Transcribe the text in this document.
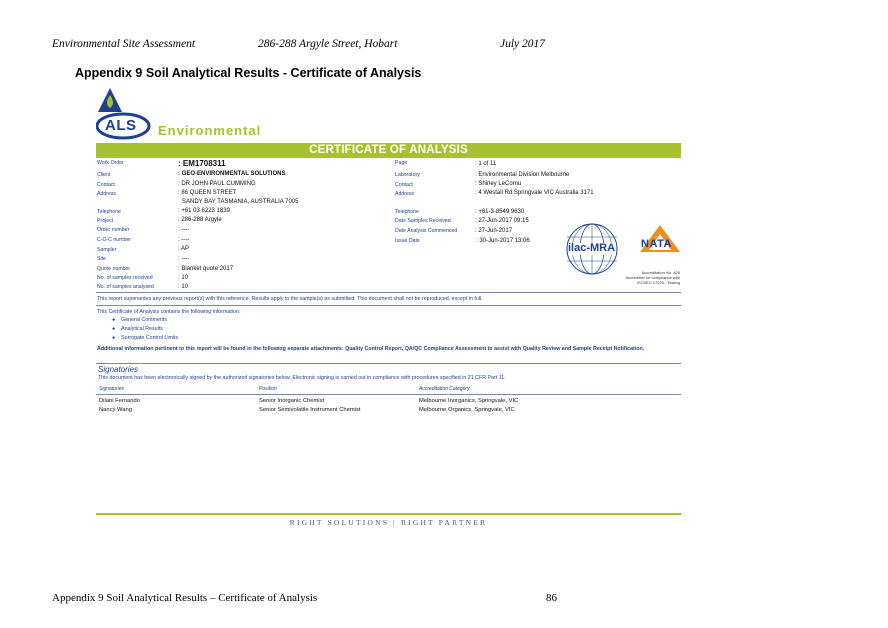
Environmental Site Assessment	286-288 Argyle Street, Hobart	July 2017
Appendix 9 Soil Analytical Results - Certificate of Analysis
ALS Environmental
CERTIFICATE OF ANALYSIS
Work Order	: EM1708311
Client	: GEO-ENVIRONMENTAL SOLUTIONS
Contact	: DR JOHN PAUL CUMMING
Address	: 86 QUEEN STREET
SANDY BAY TASMANIA, AUSTRALIA 7005
Telephone	: +61 03 6223 1839
Project	: 286-288 Argyle
Order number	: ----
C-O-C number	: ----
Sampler	: AP
Site	: ----
Quote number	: Blanket quote 2017
No. of samples received	: 10
No. of samples analysed	: 10
Page	: 1 of 11
Laboratory	: Environmental Division Melbourne
Contact	: Shirley LeCornu
Address	: 4 Westall Rd Springvale VIC Australia 3171
Telephone	: +61-3-8549 9630
Date Samples Received	: 27-Jun-2017 09:15
Date Analysis Commenced	: 27-Jun-2017
Issue Date	: 30-Jun-2017 13:06
ilac-MRA NATA
Accreditation No. 825
Accredited for compliance with
ISO/IEC 17025 - Testing
This report supersedes any previous report(s) with this reference. Results apply to the sample(s) as submitted. This document shall not be reproduced, except in full.
This Certificate of Analysis contains the following information:
●    General Comments
●    Analytical Results
●    Surrogate Control Limits
Additional information pertinent to this report will be found in the following separate attachments: Quality Control Report, QA/QC Compliance Assessment to assist with Quality Review and Sample Receipt Notification.
Signatories
This document has been electronically signed by the authorized signatories below. Electronic signing is carried out in compliance with procedures specified in 21 CFR Part 11.
Signatories	Position	Accreditation Category
Dilani Fernando	Senior Inorganic Chemist	Melbourne Inorganics, Springvale, VIC
Nancy Wang	Senior Semivolatile Instrument Chemist	Melbourne Organics, Springvale, VIC
RIGHT SOLUTIONS | RIGHT PARTNER
Appendix 9 Soil Analytical Results – Certificate of Analysis	86
